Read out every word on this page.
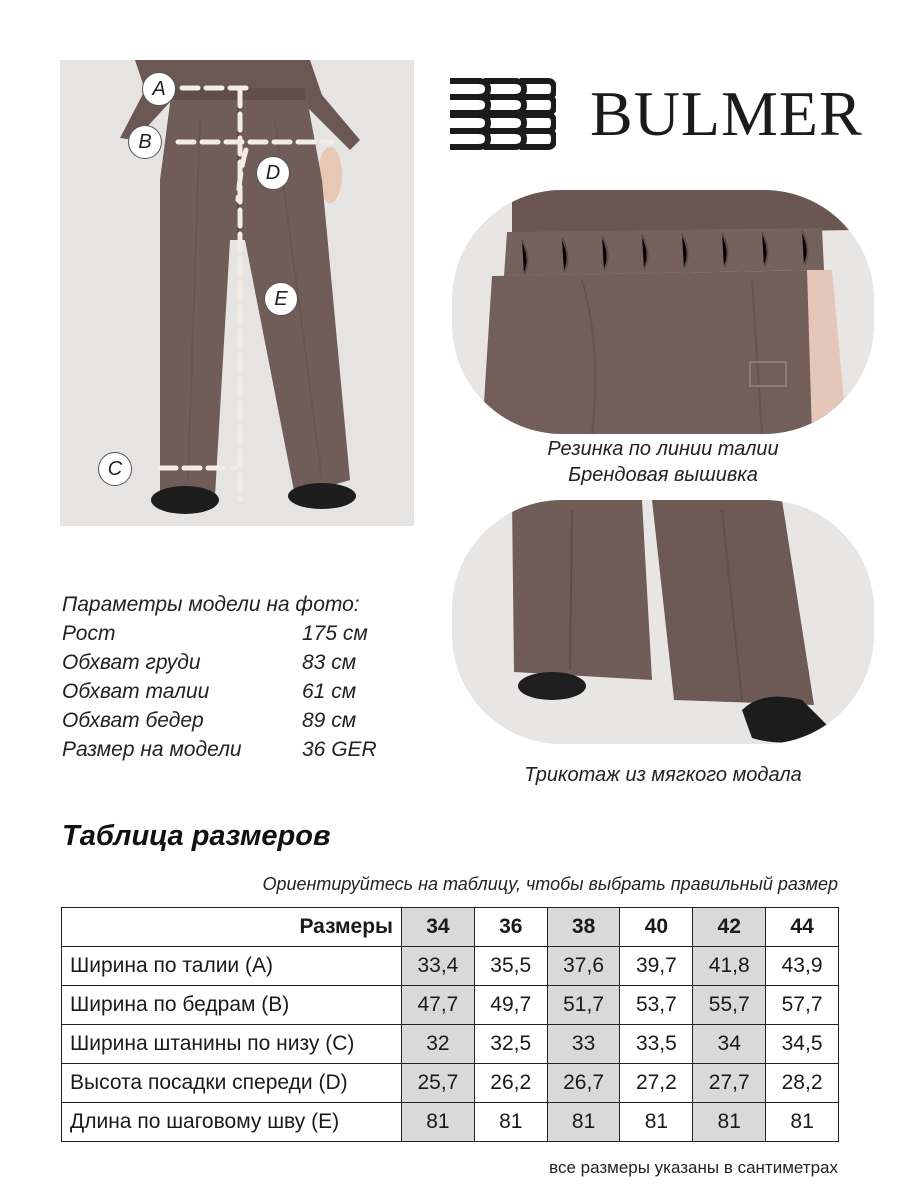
A
B
C
D
E
BULMER
Резинка по линии талии
Брендовая вышивка
Трикотаж из мягкого модала
Параметры модели на фото:
Рост	175 см
Обхват груди	83 см
Обхват талии	61 см
Обхват бедер	89 см
Размер на модели	36 GER
Таблица размеров
Ориентируйтесь на таблицу, чтобы выбрать правильный размер
Размеры	34	36	38	40	42	44
Ширина по талии (А)	33,4	35,5	37,6	39,7	41,8	43,9
Ширина по бедрам (В)	47,7	49,7	51,7	53,7	55,7	57,7
Ширина штанины по низу (С)	32	32,5	33	33,5	34	34,5
Высота посадки спереди (D)	25,7	26,2	26,7	27,2	27,7	28,2
Длина по шаговому шву (Е)	81	81	81	81	81	81
все размеры указаны в сантиметрах
